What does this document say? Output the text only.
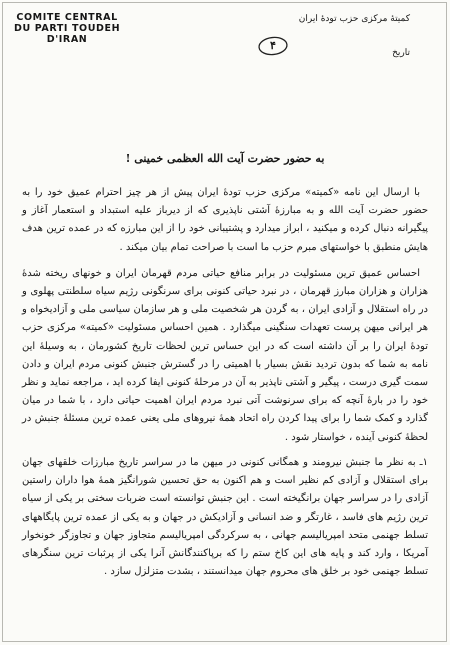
COMITE CENTRAL
DU PARTI TOUDEH
D'IRAN
کمیتهٔ مرکزی حزب تودهٔ ایران
۴
تاریخ
به حضور حضرت آیت الله العظمی خمینی !

با ارسال این نامه «کمیته» مرکزی حزب تودهٔ ایران پیش از هر چیز احترام عمیق خود را به حضور حضرت آیت الله و به مبارزهٔ آشتی ناپذیری که از دیرباز علیه استبداد و استعمار آغاز و پیگیرانه دنبال کرده و میکنید ، ابراز میدارد و پشتیبانی خود را از این مبارزه که در عمده ترین هدف هایش منطبق با خواستهای مبرم حزب ما است با صراحت تمام بیان میکند .

احساس عمیق ترین مسئولیت در برابر منافع حیاتی مردم قهرمان ایران و خونهای ریخته شدهٔ هزاران و هزاران مبارز قهرمان ، در نبرد حیاتی کنونی برای سرنگونی رژیم سیاه سلطنتی پهلوی و در راه استقلال و آزادی ایران ، به گردن هر شخصیت ملی و هر سازمان سیاسی ملی و آزادیخواه و هر ایرانی میهن پرست تعهدات سنگینی میگذارد . همین احساس مسئولیت «کمیته» مرکزی حزب تودهٔ ایران را بر آن داشته است که در این حساس ترین لحظات تاریخ کشورمان ، به وسیلهٔ این نامه به شما که بدون تردید نقش بسیار با اهمیتی را در گسترش جنبش کنونی مردم ایران و دادن سمت گیری درست ، پیگیر و آشتی ناپذیر به آن در مرحلهٔ کنونی ایفا کرده اید ، مراجعه نماید و نظر خود را در بارهٔ آنچه که برای سرنوشت آتی نبرد مردم ایران اهمیت حیاتی دارد ، با شما در میان گذارد و کمک شما را برای پیدا کردن راه اتحاد همهٔ نیروهای ملی یعنی عمده ترین مسئلهٔ جنبش در لحظهٔ کنونی آینده ، خواستار شود .

۱ـ به نظر ما جنبش نیرومند و همگانی کنونی در میهن ما در سراسر تاریخ مبارزات خلقهای جهان برای استقلال و آزادی کم نظیر است و هم اکنون به حق تحسین شورانگیز همهٔ هوا داران راستین آزادی را در سراسر جهان برانگیخته است . این جنبش توانسته است ضربات سختی بر یکی از سیاه ترین رژیم های فاسد ، غارتگر و ضد انسانی و آزادیکش در جهان و به یکی از عمده ترین پایگاههای تسلط جهنمی متحد امپریالیسم جهانی ، به سرکردگی امپریالیسم متجاوز جهان و تجاوزگر خونخوار آمریکا ، وارد کند و پایه های این کاخ ستم را که برپاکنندگانش آنرا یکی از پرثبات ترین سنگرهای تسلط جهنمی خود بر خلق های محروم جهان میدانستند ، بشدت متزلزل سازد .
